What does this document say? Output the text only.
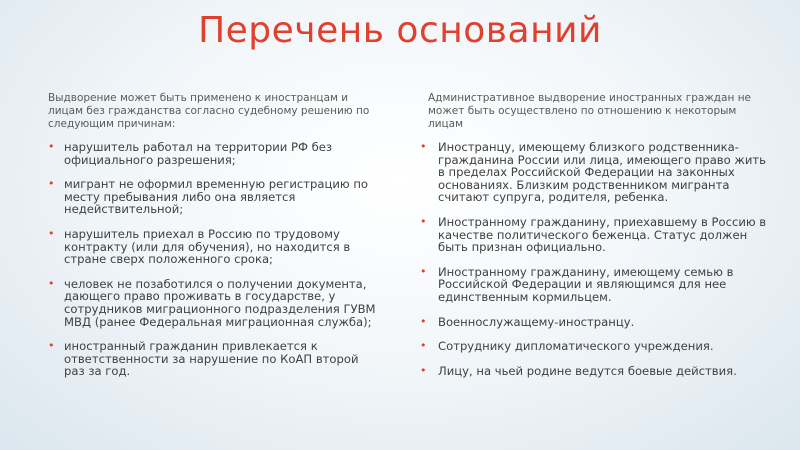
Перечень оснований

Выдворение может быть применено к иностранцам и лицам без гражданства согласно судебному решению по следующим причинам:

• нарушитель работал на территории РФ без официального разрешения;
• мигрант не оформил временную регистрацию по месту пребывания либо она является недействительной;
• нарушитель приехал в Россию по трудовому контракту (или для обучения), но находится в стране сверх положенного срока;
• человек не позаботился о получении документа, дающего право проживать в государстве, у сотрудников миграционного подразделения ГУВМ МВД (ранее Федеральная миграционная служба);
• иностранный гражданин привлекается к ответственности за нарушение по КоАП второй раз за год.

Административное выдворение иностранных граждан не может быть осуществлено по отношению к некоторым лицам

• Иностранцу, имеющему близкого родственника-гражданина России или лица, имеющего право жить в пределах Российской Федерации на законных основаниях. Близким родственником мигранта считают супруга, родителя, ребенка.
• Иностранному гражданину, приехавшему в Россию в качестве политического беженца. Статус должен быть признан официально.
• Иностранному гражданину, имеющему семью в Российской Федерации и являющимся для нее единственным кормильцем.
• Военнослужащему-иностранцу.
• Сотруднику дипломатического учреждения.
• Лицу, на чьей родине ведутся боевые действия.
